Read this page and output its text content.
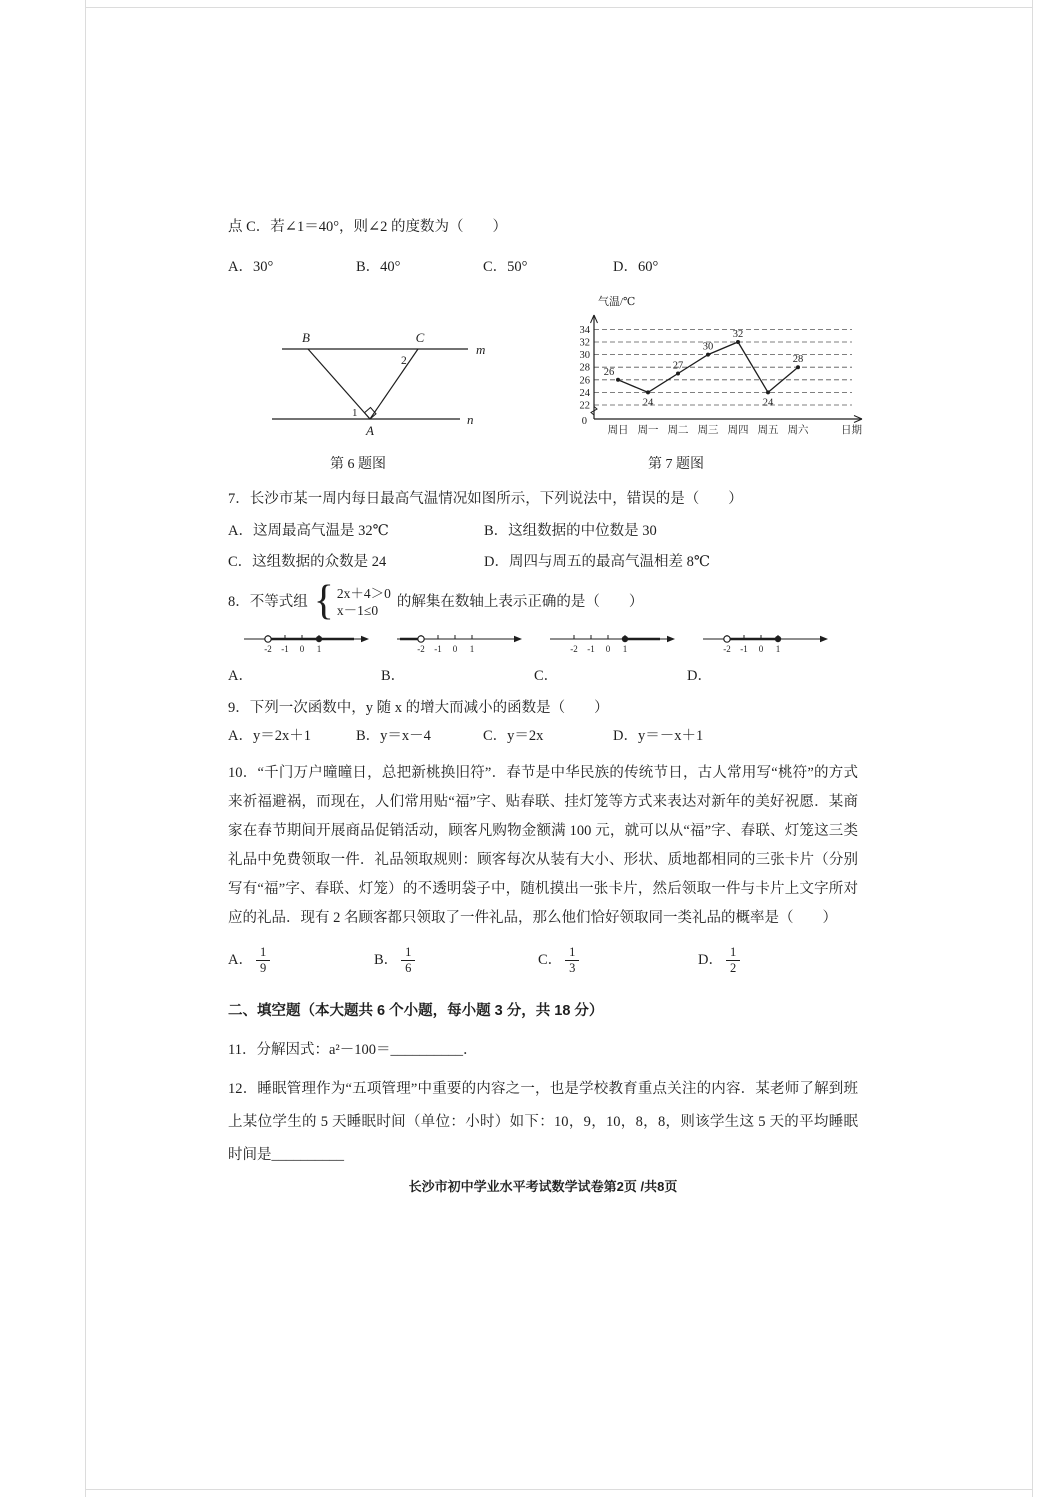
点 C．若∠1＝40°，则∠2 的度数为（　　）

A．30°	B．40°	C．50°	D．60°
B	C
A
m
n
2
1
22
24
26
28
30
32
34
气温/℃
0
26
24
27
30
32
24
28
周日 周一 周二 周三 周四 周五 周六	日期
第 6 题图	第 7 题图

7．长沙市某一周内每日最高气温情况如图所示，下列说法中，错误的是（　　）

A．这周最高气温是 32℃	B．这组数据的中位数是 30
C．这组数据的众数是 24	D．周四与周五的最高气温相差 8℃
8．不等式组 { 2x＋4＞0
x－1≤0
的解集在数轴上表示正确的是（　　）
-2 -1 0 1
A．
-2 -1 0 1
B．
-2 -1 0 1
C．
-2 -1 0 1
D．

9．下列一次函数中，y 随 x 的增大而减小的函数是（　　）

A．y＝2x＋1	B．y＝x－4	C．y＝2x	D．y＝－x＋1

10．“千门万户曈曈日，总把新桃换旧符”．春节是中华民族的传统节日，古人常用写“桃符”的方式来祈福避祸，而现在，人们常用贴“福”字、贴春联、挂灯笼等方式来表达对新年的美好祝愿．某商家在春节期间开展商品促销活动，顾客凡购物金额满 100 元，就可以从“福”字、春联、灯笼这三类礼品中免费领取一件．礼品领取规则：顾客每次从装有大小、形状、质地都相同的三张卡片（分别写有“福”字、春联、灯笼）的不透明袋子中，随机摸出一张卡片，然后领取一件与卡片上文字所对应的礼品．现有 2 名顾客都只领取了一件礼品，那么他们恰好领取同一类礼品的概率是（　　）

A． $\frac{1}{9}$	B． $\frac{1}{6}$	C． $\frac{1}{3}$	D． $\frac{1}{2}$

二、填空题（本大题共 6 个小题，每小题 3 分，共 18 分）

11．分解因式：a²－100＝__________．

12．睡眠管理作为“五项管理”中重要的内容之一，也是学校教育重点关注的内容．某老师了解到班上某位学生的 5 天睡眠时间（单位：小时）如下：10，9，10，8，8，则该学生这 5 天的平均睡眠时间是__________

长沙市初中学业水平考试数学试卷第2页 /共8页
